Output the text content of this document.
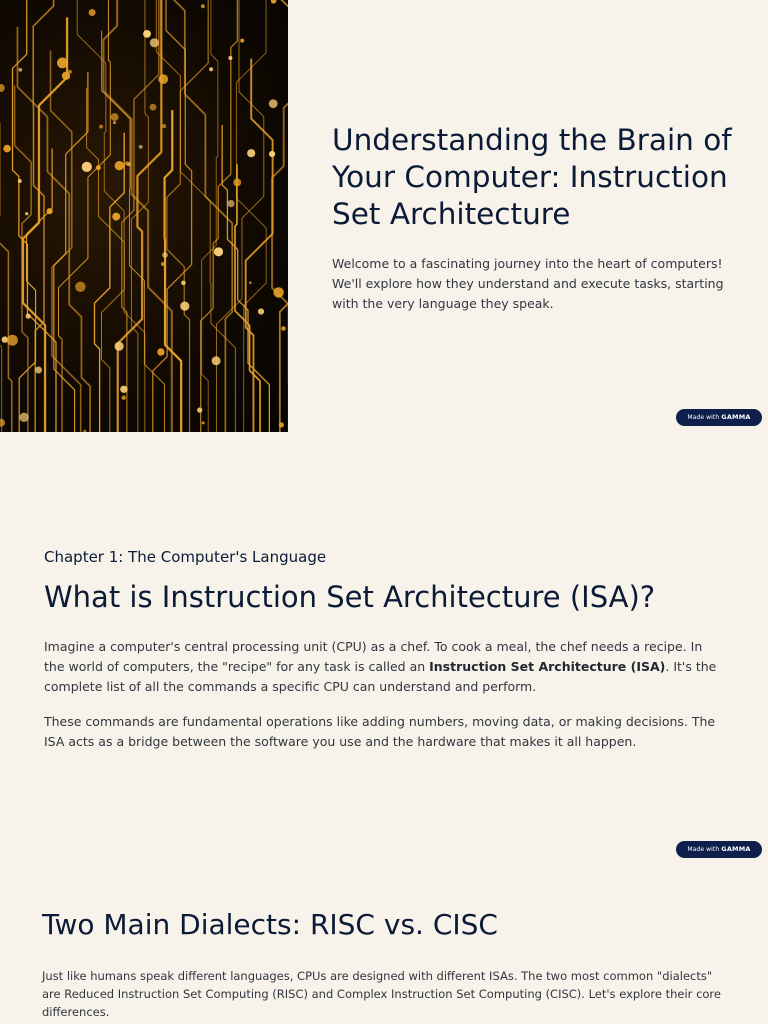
Understanding the Brain of Your Computer: Instruction Set Architecture

Welcome to a fascinating journey into the heart of computers! We'll explore how they understand and execute tasks, starting with the very language they speak.

Made with GAMMA

Chapter 1: The Computer's Language

What is Instruction Set Architecture (ISA)?

Imagine a computer's central processing unit (CPU) as a chef. To cook a meal, the chef needs a recipe. In the world of computers, the "recipe" for any task is called an Instruction Set Architecture (ISA). It's the complete list of all the commands a specific CPU can understand and perform.

These commands are fundamental operations like adding numbers, moving data, or making decisions. The ISA acts as a bridge between the software you use and the hardware that makes it all happen.

Made with GAMMA
Two Main Dialects: RISC vs. CISC

Just like humans speak different languages, CPUs are designed with different ISAs. The two most common "dialects" are Reduced Instruction Set Computing (RISC) and Complex Instruction Set Computing (CISC). Let's explore their core differences.
